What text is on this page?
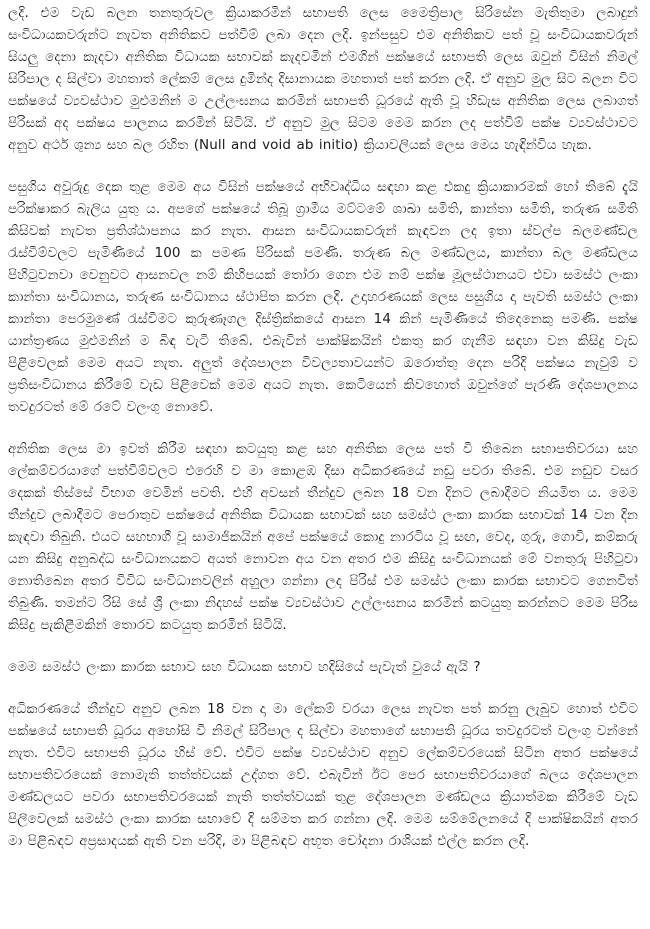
ලදි. එම වැඩ බලන තනතුරුවල ක්‍රියාකරමින් සභාපති ලෙස මෛත්‍රිපාල සිරිසේන මැතිතුමා ලබාදුන් සංවිධායකවරුන්ට නැවත අනිතිකව පත්වීම් ලබා දෙන ලදි. ඉන්පසුව එම අනිතිකව පත් වූ සංවිධායකවරුන් සියලු දෙනා කැදවා අනිතික විධායක සභාවක් කැදවමින් එමගින් පක්ෂයේ සභාපති ලෙස ඔවුන් විසින් නිමල් සිරිපාල ද සිල්වා මහතාත් ලේකම් ලෙස දුමින්ද දිසානායක මහතාත් පත් කරන ලදි. ඒ අනුව මුල සිට බලන විට පක්ෂයේ ව්‍යවස්ථාව මුළුමනින් ම උල්ලංඝනය කරමින් සභාපති ධූරයේ ඇති වූ හිඩැස අනිතික ලෙස ලබාගත් පිරිසක් අද පක්ෂය පාලනය කරමින් සිටියි. ඒ අනුව මුල සිටම මෙම කරන ලද පත්වීම් පක්ෂ ව්‍යවස්ථාවට අනුව අර්ථ ශුන්‍ය සහ බල රහිත (Null and void ab initio) ක්‍රියාවලියක් ලෙස මෙය හැඳින්විය හැක.

පසුගිය අවුරුදු දෙක තුළ මෙම අය විසින් පක්ෂයේ අභිවෘද්ධිය සඳහා කළ එකදු ක්‍රියාකාරමක් හෝ තිබේ දැයි පරික්ෂාකර බැලිය යුතු ය. අපගේ පක්ෂයේ තිබූ ග්‍රාමීය මට්ටමේ ශාඛා සමිති, කාන්තා සමිති, තරුණ සමිති කිසිවක් නැවත ප්‍රතිශ්ඨාපනය කර නැත. ආසන සංවිධායකවරුන් කැඳවන ලද ඉතා ස්වල්ප බලමණ්ඩල රැස්වීම්වලට පැමිණියේ 100 ක පමණ පිරිසක් පමණි. තරුණ බල මණ්ඩලය, කාන්තා බල මණ්ඩලය පිහිටුවනවා වෙනුවට ආසනවල නම් කිහිපයක් තෝරා ගෙන එම නම් පක්ෂ මූලස්ථානයට එවා සමස්ථ ලංකා කාන්තා සංවිධානය, තරුණ සංවිධානය ස්ථාපිත කරන ලදි. උදාහරණයක් ලෙස පසුගිය දා පැවති සමස්ථ ලංකා කාන්තා පෙරමුණේ රැස්වීමට කුරුණෑගල දිස්ත්‍රික්කයේ ආසන 14 කින් පැමිණියේ තිදෙනෙකු පමණි. පක්ෂ යාන්ත්‍රණය මුළුමනින් ම බිඳ වැටී තිබේ. එබැවින් පාක්ෂිකයින් එකතු කර ගැනීම සඳහා වන කිසිදු වැඩ පිළිවෙලක් මෙම අයට නැත. අලුත් දේශපාලන විවල්‍යතාවයන්ට ඔරොත්තු දෙන පරිදි පක්ෂය නැවුම් ව ප්‍රතිසංවිධානය කිරීමේ වැඩ පිළිවෙක් මෙම අයට නැත. කෙටියෙන් කිවහොත් ඔවුන්ගේ පැරණි දේශපාලනය තවදුරටත් මේ රටේ වලංගු නොවේ.

අනිතික ලෙස මා ඉවත් කිරීම සඳහා කටයුතු කළ සහ අනිතික ලෙස පත් වී තිබෙන සභාපතිවරයා සහ ලේකම්වරයාගේ පත්වීම්වලට එරෙහි ව මා කොළඹ දිසා අධිකරණයේ නඩු පවරා තිබේ. එම නඩුව වසර දෙකක් තිස්සේ විභාග වෙමින් පවති. එහි අවසන් තීන්දුව ලබන 18 වන දිනට ලබාදීමට නියමිත ය. මෙම තීන්දුව ලබාදීමට පෙරාතුව පක්ෂයේ අනිතික විධායක සභාවක් සහ සමස්ථ ලංකා කාරක සභාවක් 14 වන දින කැඳවා තිබුනි. එයට සහභාගී වූ සාමාජිකයින් අපේ පක්ෂයේ කොදු නාරටිය වූ සඟ, වෙද, ගුරු, ගොවි, කම්කරු යන කිසිදු අනුබද්ධ සංවිධානයකට අයත් නොවන අය වන අතර එම කිසිදු සංවිධානයක් මේ වනතුරු පිහිටුවා නොතිබෙන අතර විවිධ සංවිධානවලින් අහුලා ගන්නා ලද පිරිස් එම සමස්ථ ලංකා කාරක සභාවට ගෙනවිත් තිබුණි. තමන්ට රිසි සේ ශ්‍රී ලංකා නිදහස් පක්ෂ ව්‍යවස්ථාව උල්ලංඝනය කරමින් කටයුතු කරන්නට මෙම පිරිස කිසිදු පැකිළීමකින් තොරව කටයුතු කරමින් සිටියි.

මෙම සමස්ථ ලංකා කාරක සභාව සහ විධායක සභාව හදිසියේ පැවැත් වුයේ ඇයි ?

අධිකරණයේ තීන්දුව අනුව ලබන 18 වන දා මා ලේකම් වරයා ලෙස නැවත පත් කරනු ලැබුව හොත් එවිට පක්ෂයේ සභාපති ධූරය අහෝසි වී නිමල් සිරිපාල ද සිල්වා මහතාගේ සභාපති ධූරය තවදුරටත් වලංගු වන්නේ නැත. එවිට සභාපති ධූරය හිස් වේ. එවිට පක්ෂ ව්‍යවස්ථාව අනුව ලේකම්වරයෙක් සිටින අතර පක්ෂයේ සභාපතිවරයෙක් නොමැති තත්ත්වයක් උද්ගත වේ. එබැවින් ඊට පෙර සභාපතිවරයාගේ බලය දේශපාලන මණ්ඩලයට පවරා සභාපතිවරයෙක් නැති තත්ත්වයක් තුළ දේශපාලන මණ්ඩලය ක්‍රියාත්මක කිරීමේ වැඩ පිලිවෙලක් සමස්ථ ලංකා කාරක සභාවේ දි සම්මත කර ගන්නා ලදි. මෙම සම්මේලනයේ දි පාක්ෂිකයින් අතර මා පිළිබඳව අප්‍රසාදයක් ඇති වන පරිදි, මා පිළිබඳව අභූත චෝදනා රාශියක් එල්ල කරන ලදි.
